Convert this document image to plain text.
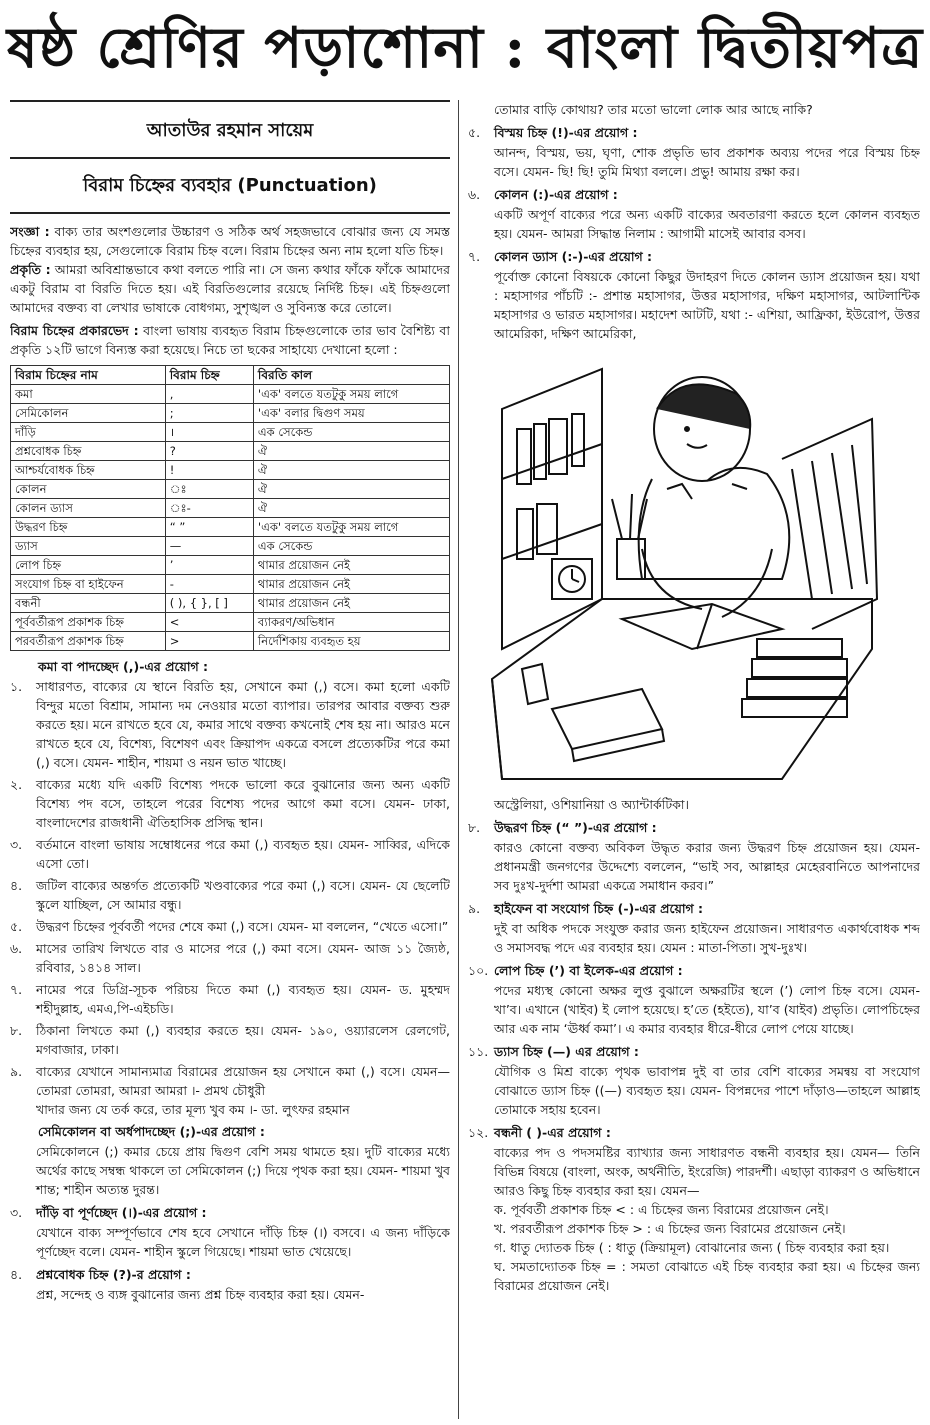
ষষ্ঠ শ্রেণির পড়াশোনা : বাংলা দ্বিতীয়পত্র
আতাউর রহমান সায়েম
বিরাম চিহ্নের ব্যবহার (Punctuation)

সংজ্ঞা : বাক্য তার অংশগুলোর উচ্চারণ ও সঠিক অর্থ সহজভাবে বোঝার জন্য যে সমস্ত চিহ্নের ব্যবহার হয়, সেগুলোকে বিরাম চিহ্ন বলে। বিরাম চিহ্নের অন্য নাম হলো যতি চিহ্ন।

প্রকৃতি : আমরা অবিশ্রান্তভাবে কথা বলতে পারি না। সে জন্য কথার ফাঁকে ফাঁকে আমাদের একটু বিরাম বা বিরতি দিতে হয়। এই বিরতিগুলোর রয়েছে নির্দিষ্ট চিহ্ন। এই চিহ্নগুলো আমাদের বক্তব্য বা লেখার ভাষাকে বোধগম্য, সুশৃঙ্খল ও সুবিন্যস্ত করে তোলে।

বিরাম চিহ্নের প্রকারভেদ : বাংলা ভাষায় ব্যবহৃত বিরাম চিহ্নগুলোকে তার ভাব বৈশিষ্ট্য বা প্রকৃতি ১২টি ভাগে বিন্যস্ত করা হয়েছে। নিচে তা ছকের সাহায্যে দেখানো হলো :

বিরাম চিহ্নের নাম	বিরাম চিহ্ন	বিরতি কাল
কমা	,	'এক' বলতে যতটুকু সময় লাগে
সেমিকোলন	;	'এক' বলার দ্বিগুণ সময়
দাঁড়ি	।	এক সেকেন্ড
প্রশ্নবোধক চিহ্ন	?	ঐ
আশ্চর্যবোধক চিহ্ন	!	ঐ
কোলন	ঃ	ঐ
কোলন ড্যাস	ঃ-	ঐ
উদ্ধরণ চিহ্ন	“ ”	'এক' বলতে যতটুকু সময় লাগে
ড্যাস	—	এক সেকেন্ড
লোপ চিহ্ন	’	থামার প্রয়োজন নেই
সংযোগ চিহ্ন বা হাইফেন	-	থামার প্রয়োজন নেই
বন্ধনী	( ), { }, [ ]	থামার প্রয়োজন নেই
পূর্ববর্তীরূপ প্রকাশক চিহ্ন	<	ব্যাকরণ/অভিধান
পরবর্তীরূপ প্রকাশক চিহ্ন	>	নির্দেশিকায় ব্যবহৃত হয়
কমা বা পাদচ্ছেদ (,)-এর প্রয়োগ :
১.	সাধারণত, বাক্যের যে স্থানে বিরতি হয়, সেখানে কমা (,) বসে। কমা হলো একটি বিন্দুর মতো বিশ্রাম, সামান্য দম নেওয়ার মতো ব্যাপার। তারপর আবার বক্তব্য শুরু করতে হয়। মনে রাখতে হবে যে, কমার সাথে বক্তব্য কখনোই শেষ হয় না। আরও মনে রাখতে হবে যে, বিশেষ্য, বিশেষণ এবং ক্রিয়াপদ একত্রে বসলে প্রত্যেকটির পরে কমা (,) বসে। যেমন- শাহীন, শায়মা ও নয়ন ভাত খাচ্ছে।

২.	বাক্যের মধ্যে যদি একটি বিশেষ্য পদকে ভালো করে বুঝানোর জন্য অন্য একটি বিশেষ্য পদ বসে, তাহলে পরের বিশেষ্য পদের আগে কমা বসে। যেমন- ঢাকা, বাংলাদেশের রাজধানী ঐতিহাসিক প্রসিদ্ধ স্থান।

৩.	বর্তমানে বাংলা ভাষায় সম্বোধনের পরে কমা (,) ব্যবহৃত হয়। যেমন- সাব্বির, এদিকে এসো তো।

৪.	জটিল বাক্যের অন্তর্গত প্রত্যেকটি খণ্ডবাক্যের পরে কমা (,) বসে। যেমন- যে ছেলেটি স্কুলে যাচ্ছিল, সে আমার বন্ধু।

৫.	উদ্ধরণ চিহ্নের পূর্ববর্তী পদের শেষে কমা (,) বসে। যেমন- মা বললেন, “খেতে এসো।”

৬.	মাসের তারিখ লিখতে বার ও মাসের পরে (,) কমা বসে। যেমন- আজ ১১ জ্যৈষ্ঠ, রবিবার, ১৪১৪ সাল।

৭.	নামের পরে ডিগ্রি-সূচক পরিচয় দিতে কমা (,) ব্যবহৃত হয়। যেমন- ড. মুহম্মদ শহীদুল্লাহ, এমএ,পি-এইচডি।

৮.	ঠিকানা লিখতে কমা (,) ব্যবহার করতে হয়। যেমন- ১৯০, ওয়্যারলেস রেলগেট, মগবাজার, ঢাকা।

৯.	বাক্যের যেখানে সামান্যমাত্র বিরামের প্রয়োজন হয় সেখানে কমা (,) বসে। যেমন— তোমরা তোমরা, আমরা আমরা ।- প্রমথ চৌধুরী
খাদার জন্য যে তর্ক করে, তার মূল্য খুব কম ।- ডা. লুৎফর রহমান

সেমিকোলন বা অর্ধপাদচ্ছেদ (;)-এর প্রয়োগ :

সেমিকোলনে (;) কমার চেয়ে প্রায় দ্বিগুণ বেশি সময় থামতে হয়। দুটি বাক্যের মধ্যে অর্থের কাছে সম্বন্ধ থাকলে তা সেমিকোলন (;) দিয়ে পৃথক করা হয়। যেমন- শায়মা খুব শান্ত; শাহীন অত্যন্ত দুরন্ত।

৩.	দাঁড়ি বা পূর্ণচ্ছেদ (।)-এর প্রয়োগ :

যেখানে বাক্য সম্পূর্ণভাবে শেষ হবে সেখানে দাঁড়ি চিহ্ন (।) বসবে। এ জন্য দাঁড়িকে পূর্ণচ্ছেদ বলে। যেমন- শাহীন স্কুলে গিয়েছে। শায়মা ভাত খেয়েছে।

৪.	প্রশ্নবোধক চিহ্ন (?)-র প্রয়োগ :

প্রশ্ন, সন্দেহ ও ব্যঙ্গ বুঝানোর জন্য প্রশ্ন চিহ্ন ব্যবহার করা হয়। যেমন-

তোমার বাড়ি কোথায়? তার মতো ভালো লোক আর আছে নাকি?

৫.	বিস্ময় চিহ্ন (!)-এর প্রয়োগ :

আনন্দ, বিস্ময়, ভয়, ঘৃণা, শোক প্রভৃতি ভাব প্রকাশক অব্যয় পদের পরে বিস্ময় চিহ্ন বসে। যেমন- ছি! ছি! তুমি মিথ্যা বললে। প্রভু! আমায় রক্ষা কর।

৬.	কোলন (:)-এর প্রয়োগ :

একটি অপূর্ণ বাক্যের পরে অন্য একটি বাক্যের অবতারণা করতে হলে কোলন ব্যবহৃত হয়। যেমন- আমরা সিদ্ধান্ত নিলাম : আগামী মাসেই আবার বসব।

৭.	কোলন ড্যাস (:-)-এর প্রয়োগ :

পূর্বোক্ত কোনো বিষয়কে কোনো কিছুর উদাহরণ দিতে কোলন ড্যাস প্রয়োজন হয়। যথা : মহাসাগর পাঁচটি :- প্রশান্ত মহাসাগর, উত্তর মহাসাগর, দক্ষিণ মহাসাগর, আটলান্টিক মহাসাগর ও ভারত মহাসাগর। মহাদেশ আটটি, যথা :- এশিয়া, আফ্রিকা, ইউরোপ, উত্তর আমেরিকা, দক্ষিণ আমেরিকা,

অস্ট্রেলিয়া, ওশিয়ানিয়া ও অ্যান্টার্কটিকা।

৮.	উদ্ধরণ চিহ্ন (“ ”)-এর প্রয়োগ :

কারও কোনো বক্তব্য অবিকল উদ্ধৃত করার জন্য উদ্ধরণ চিহ্ন প্রয়োজন হয়। যেমন- প্রধানমন্ত্রী জনগণের উদ্দেশ্যে বললেন, “ভাই সব, আল্লাহর মেহেরবানিতে আপনাদের সব দুঃখ-দুর্দশা আমরা একত্রে সমাধান করব।”

৯.	হাইফেন বা সংযোগ চিহ্ন (-)-এর প্রয়োগ :

দুই বা অধিক পদকে সংযুক্ত করার জন্য হাইফেন প্রয়োজন। সাধারণত একার্থবোধক শব্দ ও সমাসবদ্ধ পদে এর ব্যবহার হয়। যেমন : মাতা-পিতা। সুখ-দুঃখ।

১০. লোপ চিহ্ন (’) বা ইলেক-এর প্রয়োগ :

পদের মধ্যস্থ কোনো অক্ষর লুপ্ত বুঝালে অক্ষরটির স্থলে (’) লোপ চিহ্ন বসে। যেমন- খা’ব। এখানে (খাইব) ই লোপ হয়েছে। হ’তে (হইতে), যা’ব (যাইব) প্রভৃতি। লোপচিহ্নের আর এক নাম ‘ঊর্ধ্ব কমা’। এ কমার ব্যবহার ধীরে-ধীরে লোপ পেয়ে যাচ্ছে।

১১. ড্যাস চিহ্ন (—) এর প্রয়োগ :

যৌগিক ও মিশ্র বাক্যে পৃথক ভাবাপন্ন দুই বা তার বেশি বাক্যের সমন্বয় বা সংযোগ বোঝাতে ড্যাস চিহ্ন ((—) ব্যবহৃত হয়। যেমন- বিপন্নদের পাশে দাঁড়াও—তাহলে আল্লাহ তোমাকে সহায় হবেন।

১২. বন্ধনী ( )-এর প্রয়োগ :

বাক্যের পদ ও পদসমষ্টির ব্যাখ্যার জন্য সাধারণত বন্ধনী ব্যবহার হয়। যেমন— তিনি বিভিন্ন বিষয়ে (বাংলা, অংক, অর্থনীতি, ইংরেজি) পারদর্শী। এছাড়া ব্যাকরণ ও অভিধানে আরও কিছু চিহ্ন ব্যবহার করা হয়। যেমন—

ক. পূর্ববর্তী প্রকাশক চিহ্ন < : এ চিহ্নের জন্য বিরামের প্রয়োজন নেই।

খ. পরবর্তীরূপ প্রকাশক চিহ্ন > : এ চিহ্নের জন্য বিরামের প্রয়োজন নেই।

গ. ধাতু দ্যোতক চিহ্ন ( : ধাতু (ক্রিয়ামূল) বোঝানোর জন্য ( চিহ্ন ব্যবহার করা হয়।

ঘ. সমতাদ্যোতক চিহ্ন = : সমতা বোঝাতে এই চিহ্ন ব্যবহার করা হয়। এ চিহ্নের জন্য বিরামের প্রয়োজন নেই।
